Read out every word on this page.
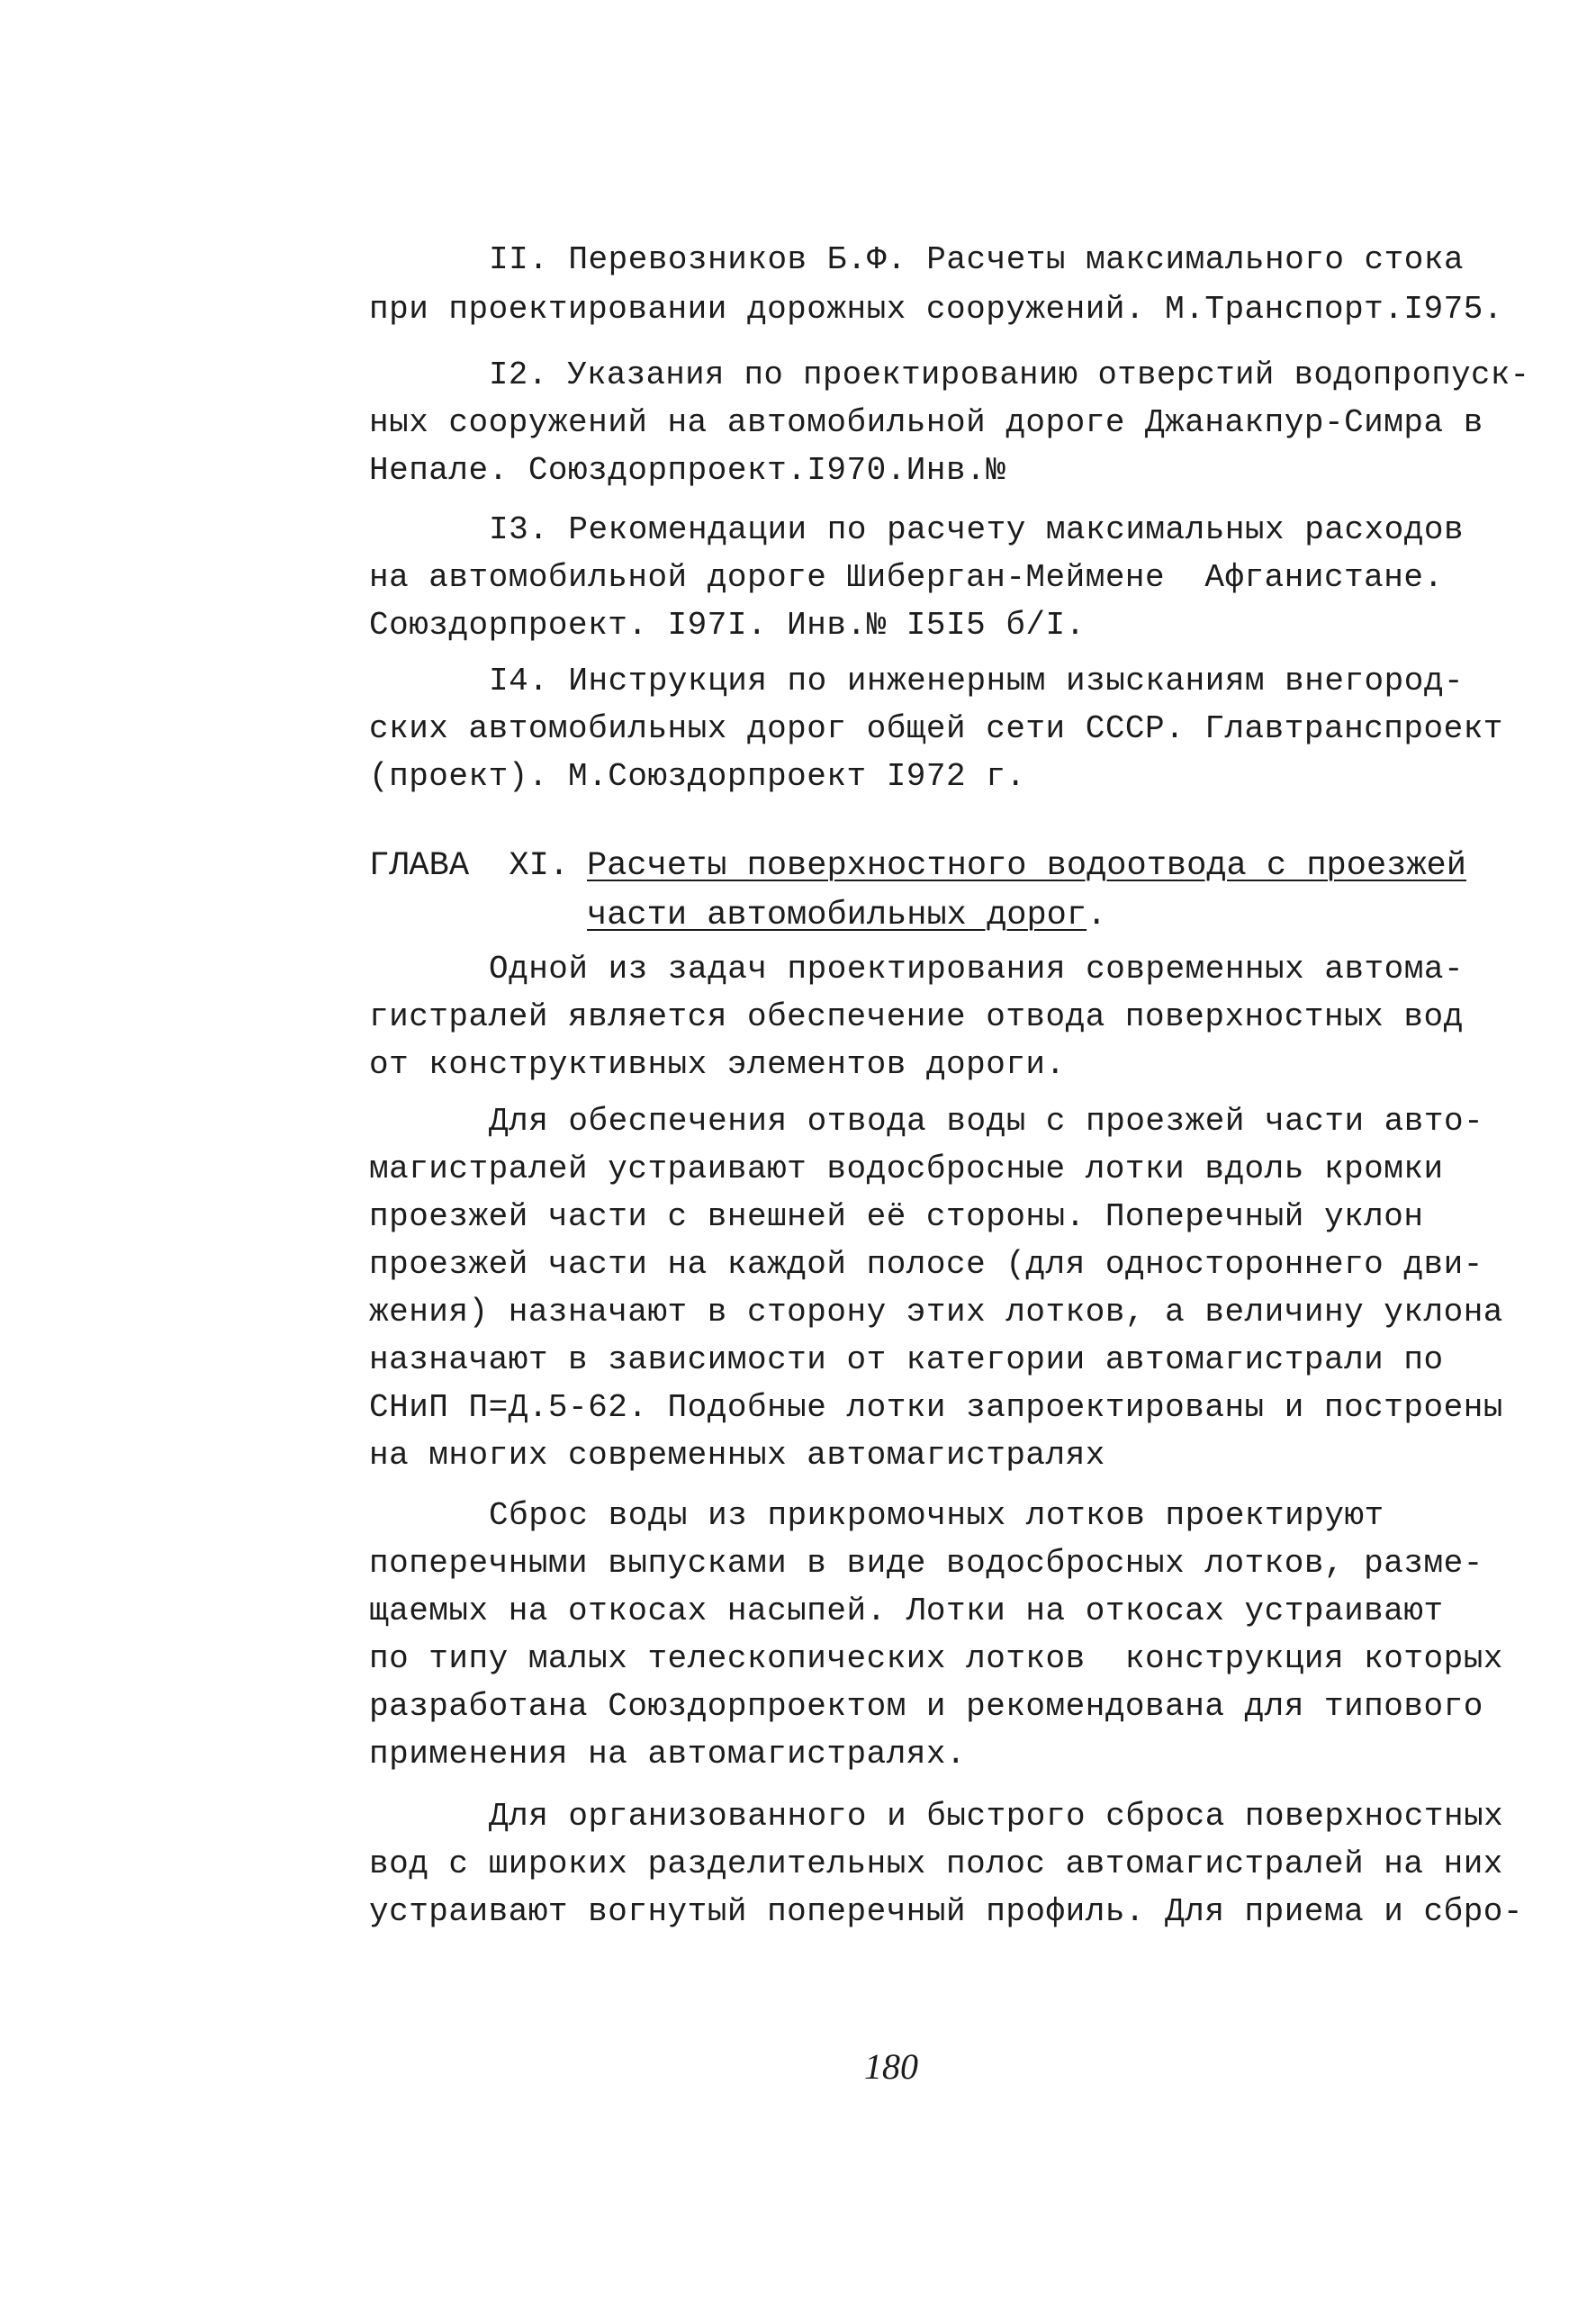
II. Перевозников Б.Ф. Расчеты максимального стока
при проектировании дорожных сооружений. М.Транспорт.I975.
I2. Указания по проектированию отверстий водопропуск-
ных сооружений на автомобильной дороге Джанакпур-Симра в
Непале. Союздорпроект.I970.Инв.№
I3. Рекомендации по расчету максимальных расходов
на автомобильной дороге Шиберган-Меймене  Афганистане.
Союздорпроект. I97I. Инв.№ I5I5 б/I.
I4. Инструкция по инженерным изысканиям внегород-
ских автомобильных дорог общей сети СССР. Главтранспроект
(проект). М.Союздорпроект I972 г.
ГЛАВА  XI. Расчеты поверхностного водоотвода с проезжей
части автомобильных дорог.
Одной из задач проектирования современных автома-
гистралей является обеспечение отвода поверхностных вод
от конструктивных элементов дороги.
Для обеспечения отвода воды с проезжей части авто-
магистралей устраивают водосбросные лотки вдоль кромки
проезжей части с внешней её стороны. Поперечный уклон
проезжей части на каждой полосе (для одностороннего дви-
жения) назначают в сторону этих лотков, а величину уклона
назначают в зависимости от категории автомагистрали по
СНиП П=Д.5-62. Подобные лотки запроектированы и построены
на многих современных автомагистралях
Сброс воды из прикромочных лотков проектируют
поперечными выпусками в виде водосбросных лотков, разме-
щаемых на откосах насыпей. Лотки на откосах устраивают
по типу малых телескопических лотков  конструкция которых
разработана Союздорпроектом и рекомендована для типового
применения на автомагистралях.
Для организованного и быстрого сброса поверхностных
вод с широких разделительных полос автомагистралей на них
устраивают вогнутый поперечный профиль. Для приема и сбро-
180
